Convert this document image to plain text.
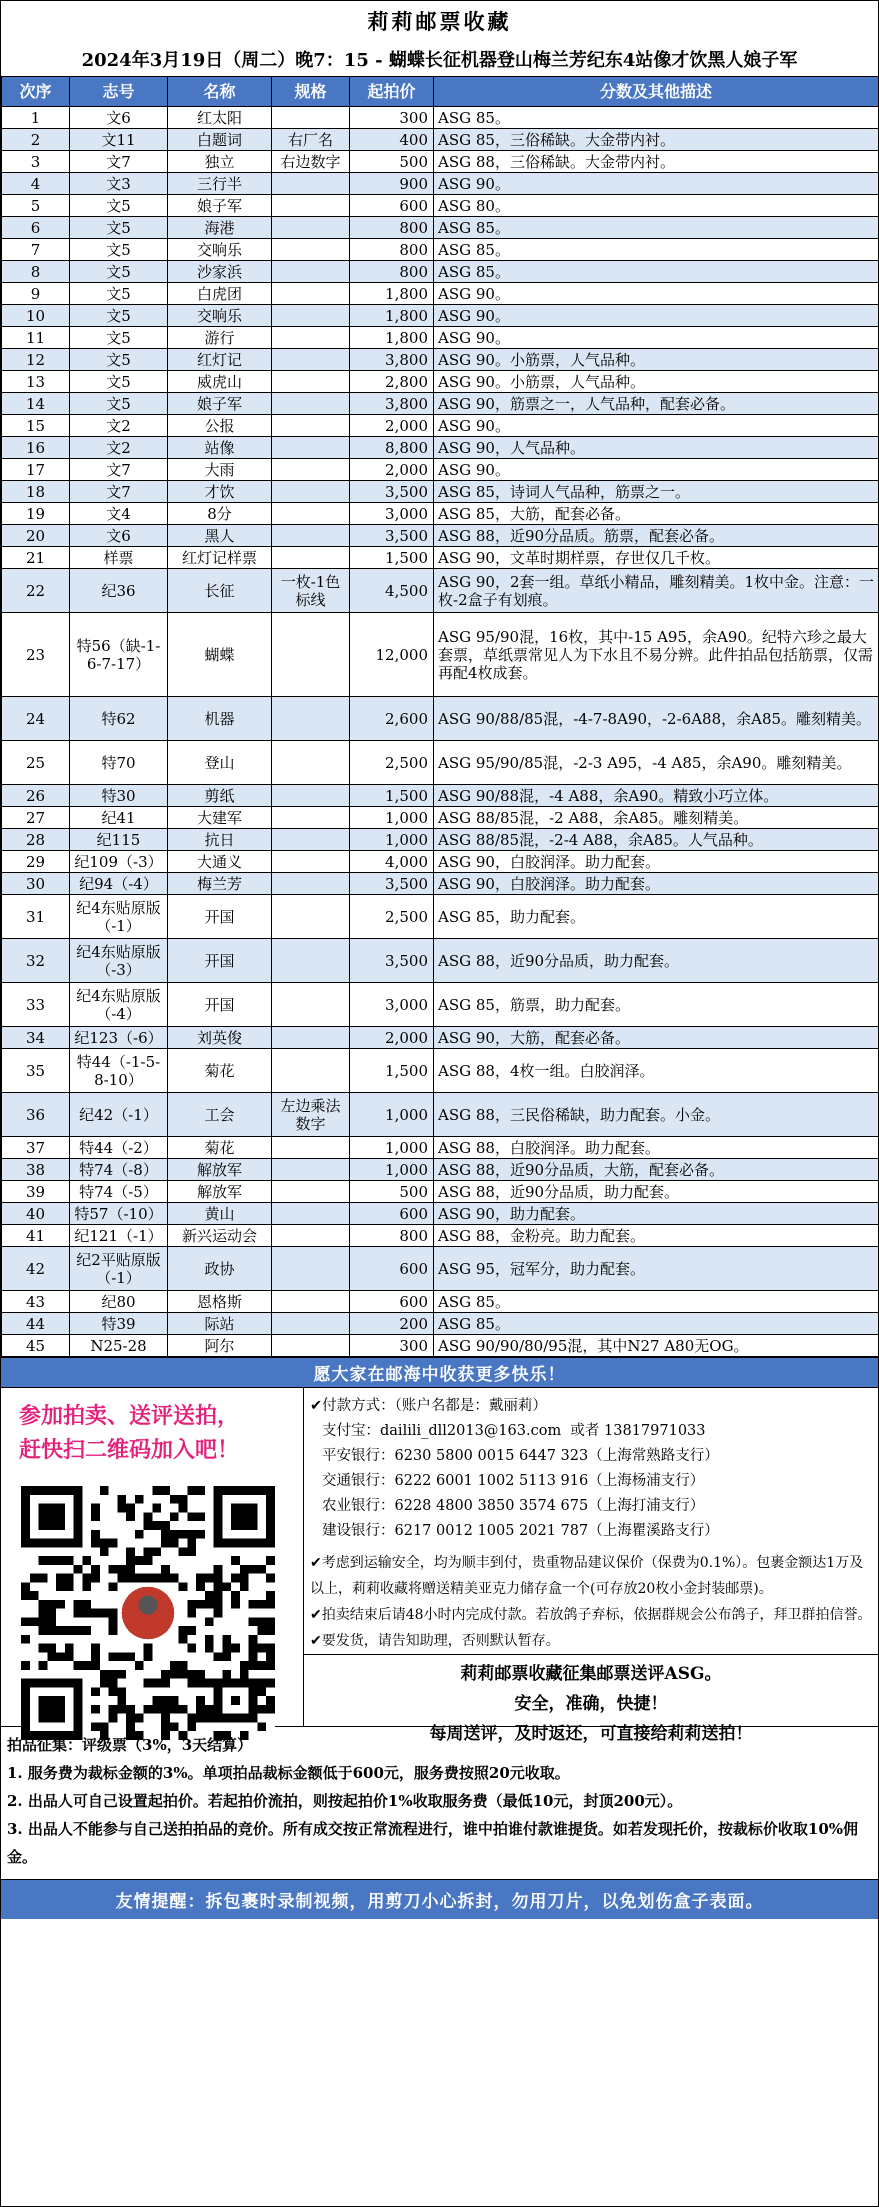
莉莉邮票收藏
2024年3月19日（周二）晚7：15 - 蝴蝶长征机器登山梅兰芳纪东4站像才饮黑人娘子军
次序	志号	名称	规格	起拍价	分数及其他描述
1	文6	红太阳		300	ASG 85。
2	文11	白题词	右厂名	400	ASG 85，三俗稀缺。大金带内衬。
3	文7	独立	右边数字	500	ASG 88，三俗稀缺。大金带内衬。
4	文3	三行半		900	ASG 90。
5	文5	娘子军		600	ASG 80。
6	文5	海港		800	ASG 85。
7	文5	交响乐		800	ASG 85。
8	文5	沙家浜		800	ASG 85。
9	文5	白虎团		1,800	ASG 90。
10	文5	交响乐		1,800	ASG 90。
11	文5	游行		1,800	ASG 90。
12	文5	红灯记		3,800	ASG 90。小筋票，人气品种。
13	文5	威虎山		2,800	ASG 90。小筋票，人气品种。
14	文5	娘子军		3,800	ASG 90，筋票之一，人气品种，配套必备。
15	文2	公报		2,000	ASG 90。
16	文2	站像		8,800	ASG 90，人气品种。
17	文7	大雨		2,000	ASG 90。
18	文7	才饮		3,500	ASG 85，诗词人气品种，筋票之一。
19	文4	8分		3,000	ASG 85，大筋，配套必备。
20	文6	黑人		3,500	ASG 88，近90分品质。筋票，配套必备。
21	样票	红灯记样票		1,500	ASG 90，文革时期样票，存世仅几千枚。
22	纪36	长征	一枚-1色标线	4,500	ASG 90，2套一组。草纸小精品，雕刻精美。1枚中金。注意：一枚-2盒子有划痕。
23	特56（缺-1-6-7-17）	蝴蝶		12,000	ASG 95/90混，16枚，其中-15 A95，余A90。纪特六珍之最大套票，草纸票常见人为下水且不易分辨。此件拍品包括筋票，仅需再配4枚成套。
24	特62	机器		2,600	ASG 90/88/85混，-4-7-8A90，-2-6A88，余A85。雕刻精美。
25	特70	登山		2,500	ASG 95/90/85混，-2-3 A95，-4 A85，余A90。雕刻精美。
26	特30	剪纸		1,500	ASG 90/88混，-4 A88，余A90。精致小巧立体。
27	纪41	大建军		1,000	ASG 88/85混，-2 A88，余A85。雕刻精美。
28	纪115	抗日		1,000	ASG 88/85混，-2-4 A88，余A85。人气品种。
29	纪109（-3）	大通义		4,000	ASG 90，白胶润泽。助力配套。
30	纪94（-4）	梅兰芳		3,500	ASG 90，白胶润泽。助力配套。
31	纪4东贴原版（-1）	开国		2,500	ASG 85，助力配套。
32	纪4东贴原版（-3）	开国		3,500	ASG 88，近90分品质，助力配套。
33	纪4东贴原版（-4）	开国		3,000	ASG 85，筋票，助力配套。
34	纪123（-6）	刘英俊		2,000	ASG 90，大筋，配套必备。
35	特44（-1-5-8-10）	菊花		1,500	ASG 88，4枚一组。白胶润泽。
36	纪42（-1）	工会	左边乘法数字	1,000	ASG 88，三民俗稀缺，助力配套。小金。
37	特44（-2）	菊花		1,000	ASG 88，白胶润泽。助力配套。
38	特74（-8）	解放军		1,000	ASG 88，近90分品质，大筋，配套必备。
39	特74（-5）	解放军		500	ASG 88，近90分品质，助力配套。
40	特57（-10）	黄山		600	ASG 90，助力配套。
41	纪121（-1）	新兴运动会		800	ASG 88，金粉亮。助力配套。
42	纪2平贴原版（-1）	政协		600	ASG 95，冠军分，助力配套。
43	纪80	恩格斯		600	ASG 85。
44	特39	际站		200	ASG 85。
45	N25-28	阿尔		300	ASG 90/90/80/95混，其中N27 A80无OG。
愿大家在邮海中收获更多快乐！
参加拍卖、送评送拍，
赶快扫二维码加入吧！
✔付款方式：（账户名都是：戴丽莉）
支付宝：dailili_dll2013@163.com  或者 13817971033
平安银行：6230 5800 0015 6447 323（上海常熟路支行）
交通银行：6222 6001 1002 5113 916（上海杨浦支行）
农业银行：6228 4800 3850 3574 675（上海打浦支行）
建设银行：6217 0012 1005 2021 787（上海瞿溪路支行）
✔考虑到运输安全，均为顺丰到付，贵重物品建议保价（保费为0.1%）。包裹金额达1万及以上，莉莉收藏将赠送精美亚克力储存盒一个(可存放20枚小金封装邮票)。
✔拍卖结束后请48小时内完成付款。若放鸽子弃标，依据群规会公布鸽子，拜卫群拍信誉。
✔要发货，请告知助理，否则默认暂存。
莉莉邮票收藏征集邮票送评ASG。
安全，准确，快捷！
每周送评，及时返还，可直接给莉莉送拍！
拍品征集：评级票（3%，3天结算）
1. 服务费为裁标金额的3%。单项拍品裁标金额低于600元，服务费按照20元收取。
2. 出品人可自己设置起拍价。若起拍价流拍，则按起拍价1%收取服务费（最低10元，封顶200元）。
3. 出品人不能参与自己送拍拍品的竞价。所有成交按正常流程进行，谁中拍谁付款谁提货。如若发现托价，按裁标价收取10%佣金。
友情提醒：拆包裹时录制视频，用剪刀小心拆封，勿用刀片，以免划伤盒子表面。
